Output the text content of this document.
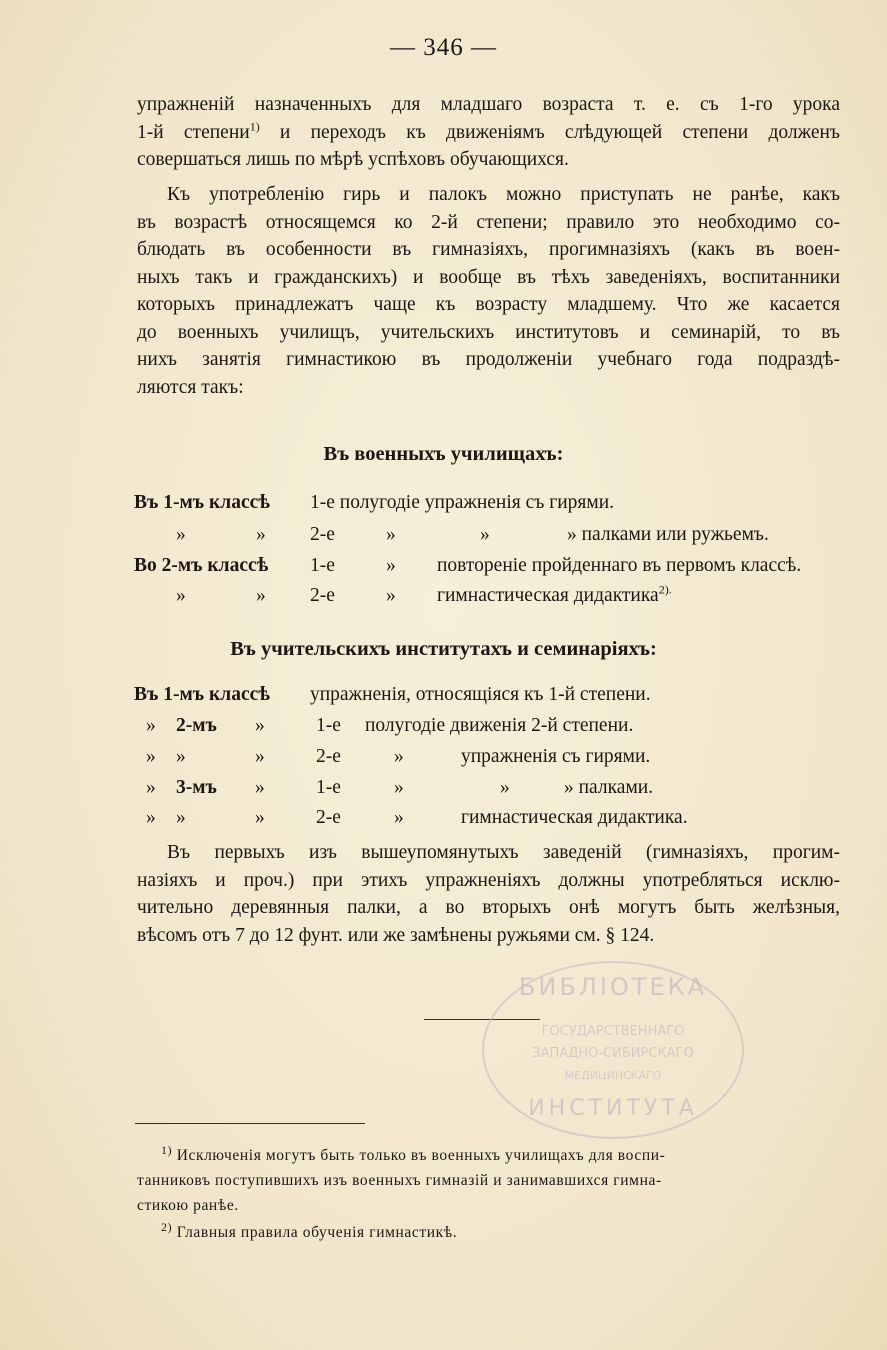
— 346 —
упражненій назначенныхъ для младшаго возраста т. е. съ 1-го урока
1-й степени$^{1)}$ и переходъ къ движеніямъ слѣдующей степени долженъ
совершаться лишь по мѣрѣ успѣховъ обучающихся.
Къ употребленію гирь и палокъ можно приступать не ранѣе, какъ
въ возрастѣ относящемся ко 2-й степени; правило это необходимо со-
блюдать въ особенности въ гимназіяхъ, прогимназіяхъ (какъ въ воен-
ныхъ такъ и гражданскихъ) и вообще въ тѣхъ заведеніяхъ, воспитанники
которыхъ принадлежатъ чаще къ возрасту младшему. Что же касается
до военныхъ училищъ, учительскихъ институтовъ и семинарій, то въ
нихъ занятія гимнастикою въ продолженіи учебнаго года подраздѣ-
ляются такъ:
Въ военныхъ училищахъ:
Въ 1-мъ классѣ 1-е полугодіе упражненія съ гирями.
»	» 2-е	»	»	» палками или ружьемъ.
Во 2-мъ классѣ 1-е	» повтореніе пройденнаго въ первомъ классѣ.
»	» 2-е	» гимнастическая дидактика$^{2).}$
Въ учительскихъ институтахъ и семинаріяхъ:
Въ 1-мъ классѣ упражненія, относящіяся къ 1-й степени.
» 2-мъ »	1-е полугодіе движенія 2-й степени.
» »	»	2-е	»	упражненія съ гирями.
» 3-мъ »	1-е	»	»	» палками.
» »	»	2-е	»	гимнастическая дидактика.
Въ первыхъ изъ вышеупомянутыхъ заведеній (гимназіяхъ, прогим-
назіяхъ и проч.) при этихъ упражненіяхъ должны употребляться исклю-
чительно деревянныя палки, а во вторыхъ онѣ могутъ быть желѣзныя,
вѣсомъ отъ 7 до 12 фунт. или же замѣнены ружьями см. § 124.
БИБЛІОТЕКА
ГОСУДАРСТВЕННАГО
ЗАПАДНО-СИБИРСКАГО
МЕДИЦИНСКАГО
ИНСТИТУТА
$^{1)}$ Исключенія могутъ быть только въ военныхъ училищахъ для воспи-
танниковъ поступившихъ изъ военныхъ гимназій и занимавшихся гимна-
стикою ранѣе.
$^{2)}$ Главныя правила обученія гимнастикѣ.
